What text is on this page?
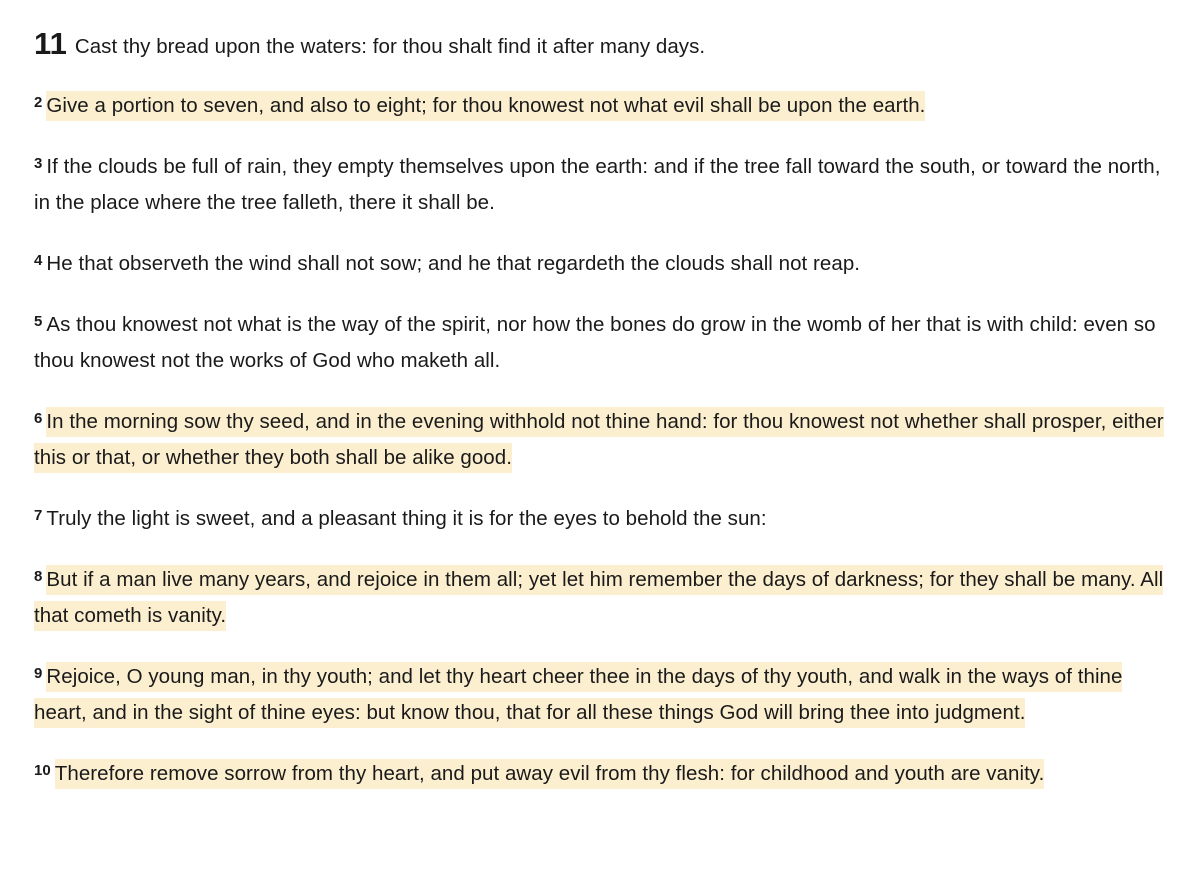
11 Cast thy bread upon the waters: for thou shalt find it after many days.

$^2$ Give a portion to seven, and also to eight; for thou knowest not what evil shall be upon the earth.

$^3$ If the clouds be full of rain, they empty themselves upon the earth: and if the tree fall toward the south, or toward the north, in the place where the tree falleth, there it shall be.

$^4$ He that observeth the wind shall not sow; and he that regardeth the clouds shall not reap.

$^5$ As thou knowest not what is the way of the spirit, nor how the bones do grow in the womb of her that is with child: even so thou knowest not the works of God who maketh all.

$^6$ In the morning sow thy seed, and in the evening withhold not thine hand: for thou knowest not whether shall prosper, either this or that, or whether they both shall be alike good.

$^7$ Truly the light is sweet, and a pleasant thing it is for the eyes to behold the sun:

$^8$ But if a man live many years, and rejoice in them all; yet let him remember the days of darkness; for they shall be many. All that cometh is vanity.

$^9$ Rejoice, O young man, in thy youth; and let thy heart cheer thee in the days of thy youth, and walk in the ways of thine heart, and in the sight of thine eyes: but know thou, that for all these things God will bring thee into judgment.

$^{10}$ Therefore remove sorrow from thy heart, and put away evil from thy flesh: for childhood and youth are vanity.
